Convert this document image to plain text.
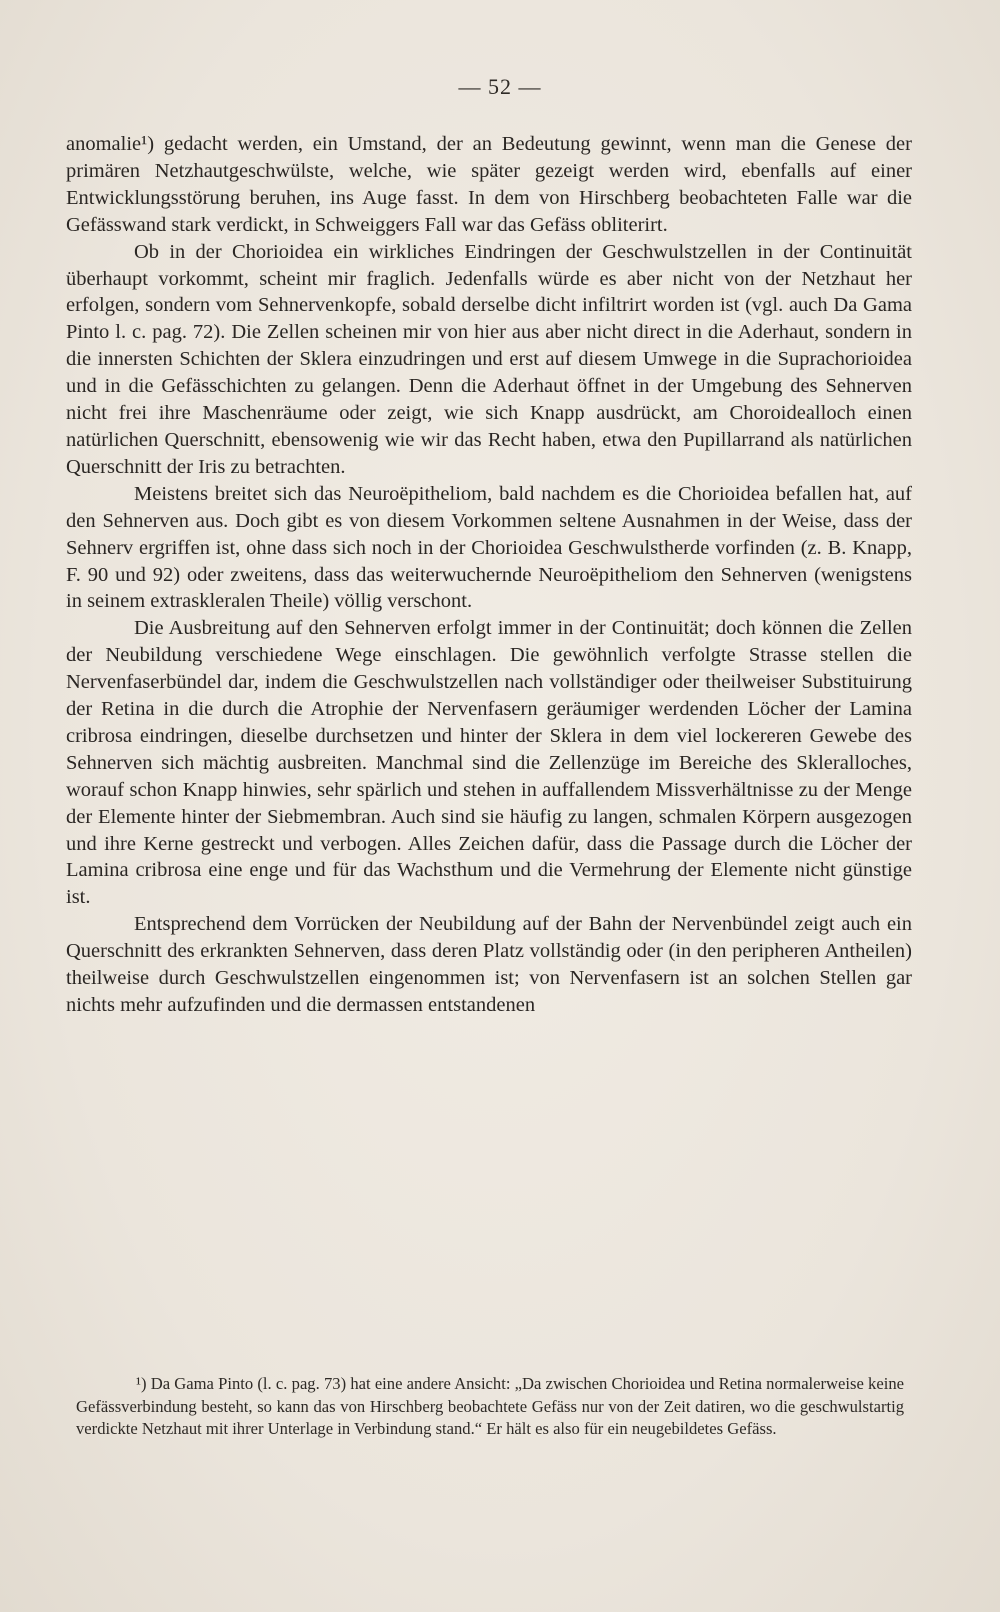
— 52 —

anomalie¹) gedacht werden, ein Umstand, der an Bedeutung gewinnt, wenn man die Genese der primären Netzhautgeschwülste, welche, wie später gezeigt werden wird, ebenfalls auf einer Entwicklungsstörung beruhen, ins Auge fasst. In dem von Hirschberg beobachteten Falle war die Gefässwand stark verdickt, in Schweiggers Fall war das Gefäss obliterirt.

Ob in der Chorioidea ein wirkliches Eindringen der Geschwulstzellen in der Continuität überhaupt vorkommt, scheint mir fraglich. Jedenfalls würde es aber nicht von der Netzhaut her erfolgen, sondern vom Sehnervenkopfe, sobald derselbe dicht infiltrirt worden ist (vgl. auch Da Gama Pinto l. c. pag. 72). Die Zellen scheinen mir von hier aus aber nicht direct in die Aderhaut, sondern in die innersten Schichten der Sklera einzudringen und erst auf diesem Umwege in die Suprachorioidea und in die Gefässchichten zu gelangen. Denn die Aderhaut öffnet in der Umgebung des Sehnerven nicht frei ihre Maschenräume oder zeigt, wie sich Knapp ausdrückt, am Choroidealloch einen natürlichen Querschnitt, ebensowenig wie wir das Recht haben, etwa den Pupillarrand als natürlichen Querschnitt der Iris zu betrachten.

Meistens breitet sich das Neuroëpitheliom, bald nachdem es die Chorioidea befallen hat, auf den Sehnerven aus. Doch gibt es von diesem Vorkommen seltene Ausnahmen in der Weise, dass der Sehnerv ergriffen ist, ohne dass sich noch in der Chorioidea Geschwulstherde vorfinden (z. B. Knapp, F. 90 und 92) oder zweitens, dass das weiterwuchernde Neuroëpitheliom den Sehnerven (wenigstens in seinem extraskleralen Theile) völlig verschont.

Die Ausbreitung auf den Sehnerven erfolgt immer in der Continuität; doch können die Zellen der Neubildung verschiedene Wege einschlagen. Die gewöhnlich verfolgte Strasse stellen die Nervenfaserbündel dar, indem die Geschwulstzellen nach vollständiger oder theilweiser Substituirung der Retina in die durch die Atrophie der Nervenfasern geräumiger werdenden Löcher der Lamina cribrosa eindringen, dieselbe durchsetzen und hinter der Sklera in dem viel lockereren Gewebe des Sehnerven sich mächtig ausbreiten. Manchmal sind die Zellenzüge im Bereiche des Skleralloches, worauf schon Knapp hinwies, sehr spärlich und stehen in auffallendem Missverhältnisse zu der Menge der Elemente hinter der Siebmembran. Auch sind sie häufig zu langen, schmalen Körpern ausgezogen und ihre Kerne gestreckt und verbogen. Alles Zeichen dafür, dass die Passage durch die Löcher der Lamina cribrosa eine enge und für das Wachsthum und die Vermehrung der Elemente nicht günstige ist.

Entsprechend dem Vorrücken der Neubildung auf der Bahn der Nervenbündel zeigt auch ein Querschnitt des erkrankten Sehnerven, dass deren Platz vollständig oder (in den peripheren Antheilen) theilweise durch Geschwulstzellen eingenommen ist; von Nervenfasern ist an solchen Stellen gar nichts mehr aufzufinden und die dermassen entstandenen

¹) Da Gama Pinto (l. c. pag. 73) hat eine andere Ansicht: „Da zwischen Chorioidea und Retina normalerweise keine Gefässverbindung besteht, so kann das von Hirschberg beobachtete Gefäss nur von der Zeit datiren, wo die geschwulstartig verdickte Netzhaut mit ihrer Unterlage in Verbindung stand.“ Er hält es also für ein neugebildetes Gefäss.
